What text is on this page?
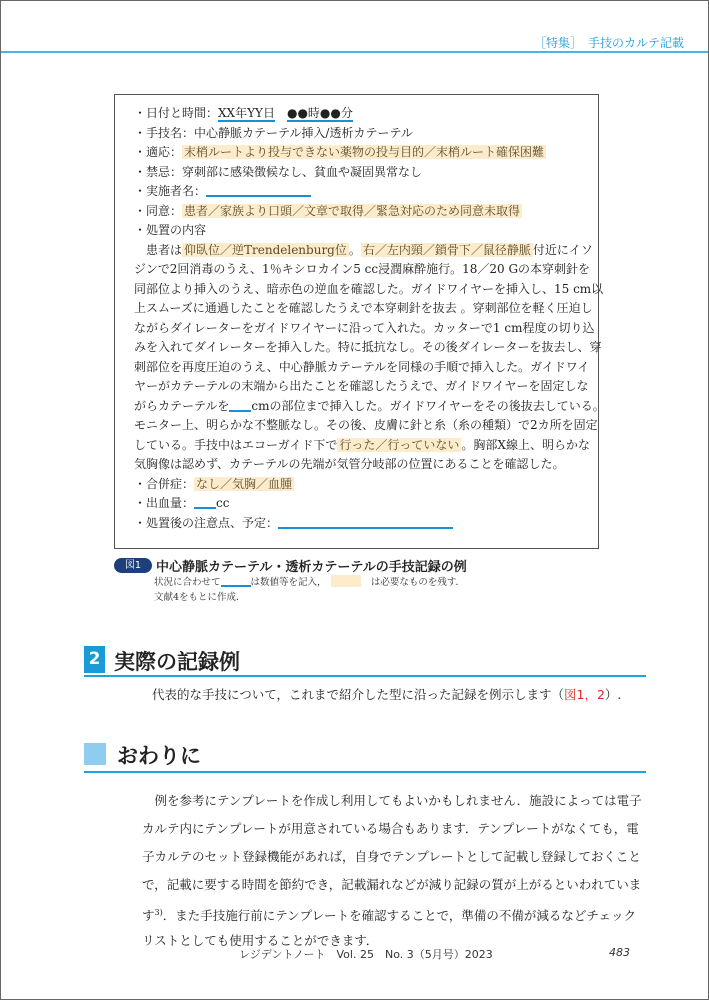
［特集］　手技のカルテ記載
・日付と時間：XX年YY日　 ●●時●●分
・手技名：中心静脈カテーテル挿入/透析カテーテル
・適応： 末梢ルートより投与できない薬物の投与目的／末梢ルート確保困難
・禁忌：穿刺部に感染徴候なし、貧血や凝固異常なし
・実施者名：
・同意： 患者／家族より口頭／文章で取得／緊急対応のため同意未取得
・処置の内容
　患者は 仰臥位／逆Trendelenburg位 。 右／左内頸／鎖骨下／鼠径静脈 付近にイソ
ジンで2回消毒のうえ、1％キシロカイン5 cc浸潤麻酔施行。18／20 Gの本穿刺針を
同部位より挿入のうえ、暗赤色の逆血を確認した。ガイドワイヤーを挿入し、15 cm以
上スムーズに通過したことを確認したうえで本穿刺針を抜去 。穿刺部位を軽く圧迫し
ながらダイレーターをガイドワイヤーに沿って入れた。カッターで1 cm程度の切り込
みを入れてダイレーターを挿入した。特に抵抗なし。その後ダイレーターを抜去し、穿
刺部位を再度圧迫のうえ、中心静脈カテーテルを同様の手順で挿入した。ガイドワイ
ヤーがカテーテルの末端から出たことを確認したうえで、ガイドワイヤーを固定しな
がらカテーテルを cmの部位まで挿入した。ガイドワイヤーをその後抜去している。
モニター上、明らかな不整脈なし。その後、皮膚に針と糸（糸の種類）で2カ所を固定
している。手技中はエコーガイド下で 行った／行っていない 。胸部X線上、明らかな
気胸像は認めず、カテーテルの先端が気管分岐部の位置にあることを確認した。
・合併症： なし／気胸／血腫
・出血量： cc
・処置後の注意点、予定：
図1	中心静脈カテーテル・透析カテーテルの手技記録の例
状況に合わせて	は数値等を記入，　　	は必要なものを残す．
文献4をもとに作成．
2 実際の記録例
代表的な手技について，これまで紹介した型に沿った記録を例示します（図1，2）.
おわりに
　例を参考にテンプレートを作成し利用してもよいかもしれません．施設によっては電子
カルテ内にテンプレートが用意されている場合もあります．テンプレートがなくても，電
子カルテのセット登録機能があれば，自身でテンプレートとして記載し登録しておくこと
で，記載に要する時間を節約でき，記載漏れなどが減り記録の質が上がるといわれていま
す$^{3)}$．また手技施行前にテンプレートを確認することで，準備の不備が減るなどチェック
リストとしても使用することができます．
レジデントノート　Vol. 25　No. 3（5月号）2023	483
